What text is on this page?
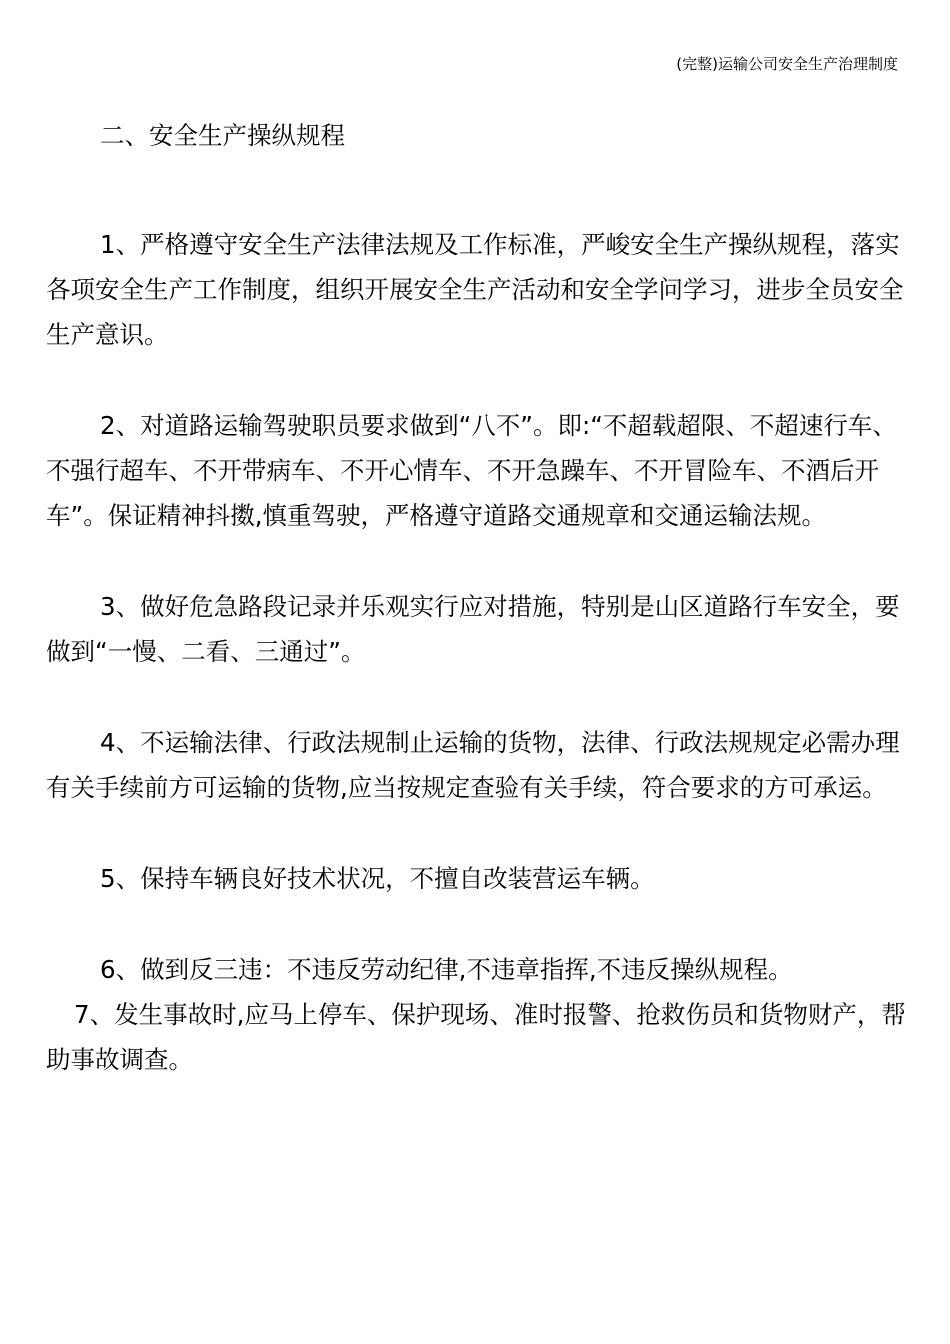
(完整)运输公司安全生产治理制度
二、安全生产操纵规程

1、严格遵守安全生产法律法规及工作标准，严峻安全生产操纵规程，落实各项安全生产工作制度，组织开展安全生产活动和安全学问学习，进步全员安全生产意识。

2、对道路运输驾驶职员要求做到“八不”。即:“不超载超限、不超速行车、不强行超车、不开带病车、不开心情车、不开急躁车、不开冒险车、不酒后开车”。保证精神抖擞,慎重驾驶，严格遵守道路交通规章和交通运输法规。

3、做好危急路段记录并乐观实行应对措施，特别是山区道路行车安全，要做到“一慢、二看、三通过”。

4、不运输法律、行政法规制止运输的货物，法律、行政法规规定必需办理有关手续前方可运输的货物,应当按规定查验有关手续，符合要求的方可承运。

5、保持车辆良好技术状况，不擅自改装营运车辆。

6、做到反三违：不违反劳动纪律,不违章指挥,不违反操纵规程。

7、发生事故时,应马上停车、保护现场、准时报警、抢救伤员和货物财产，帮助事故调查。
